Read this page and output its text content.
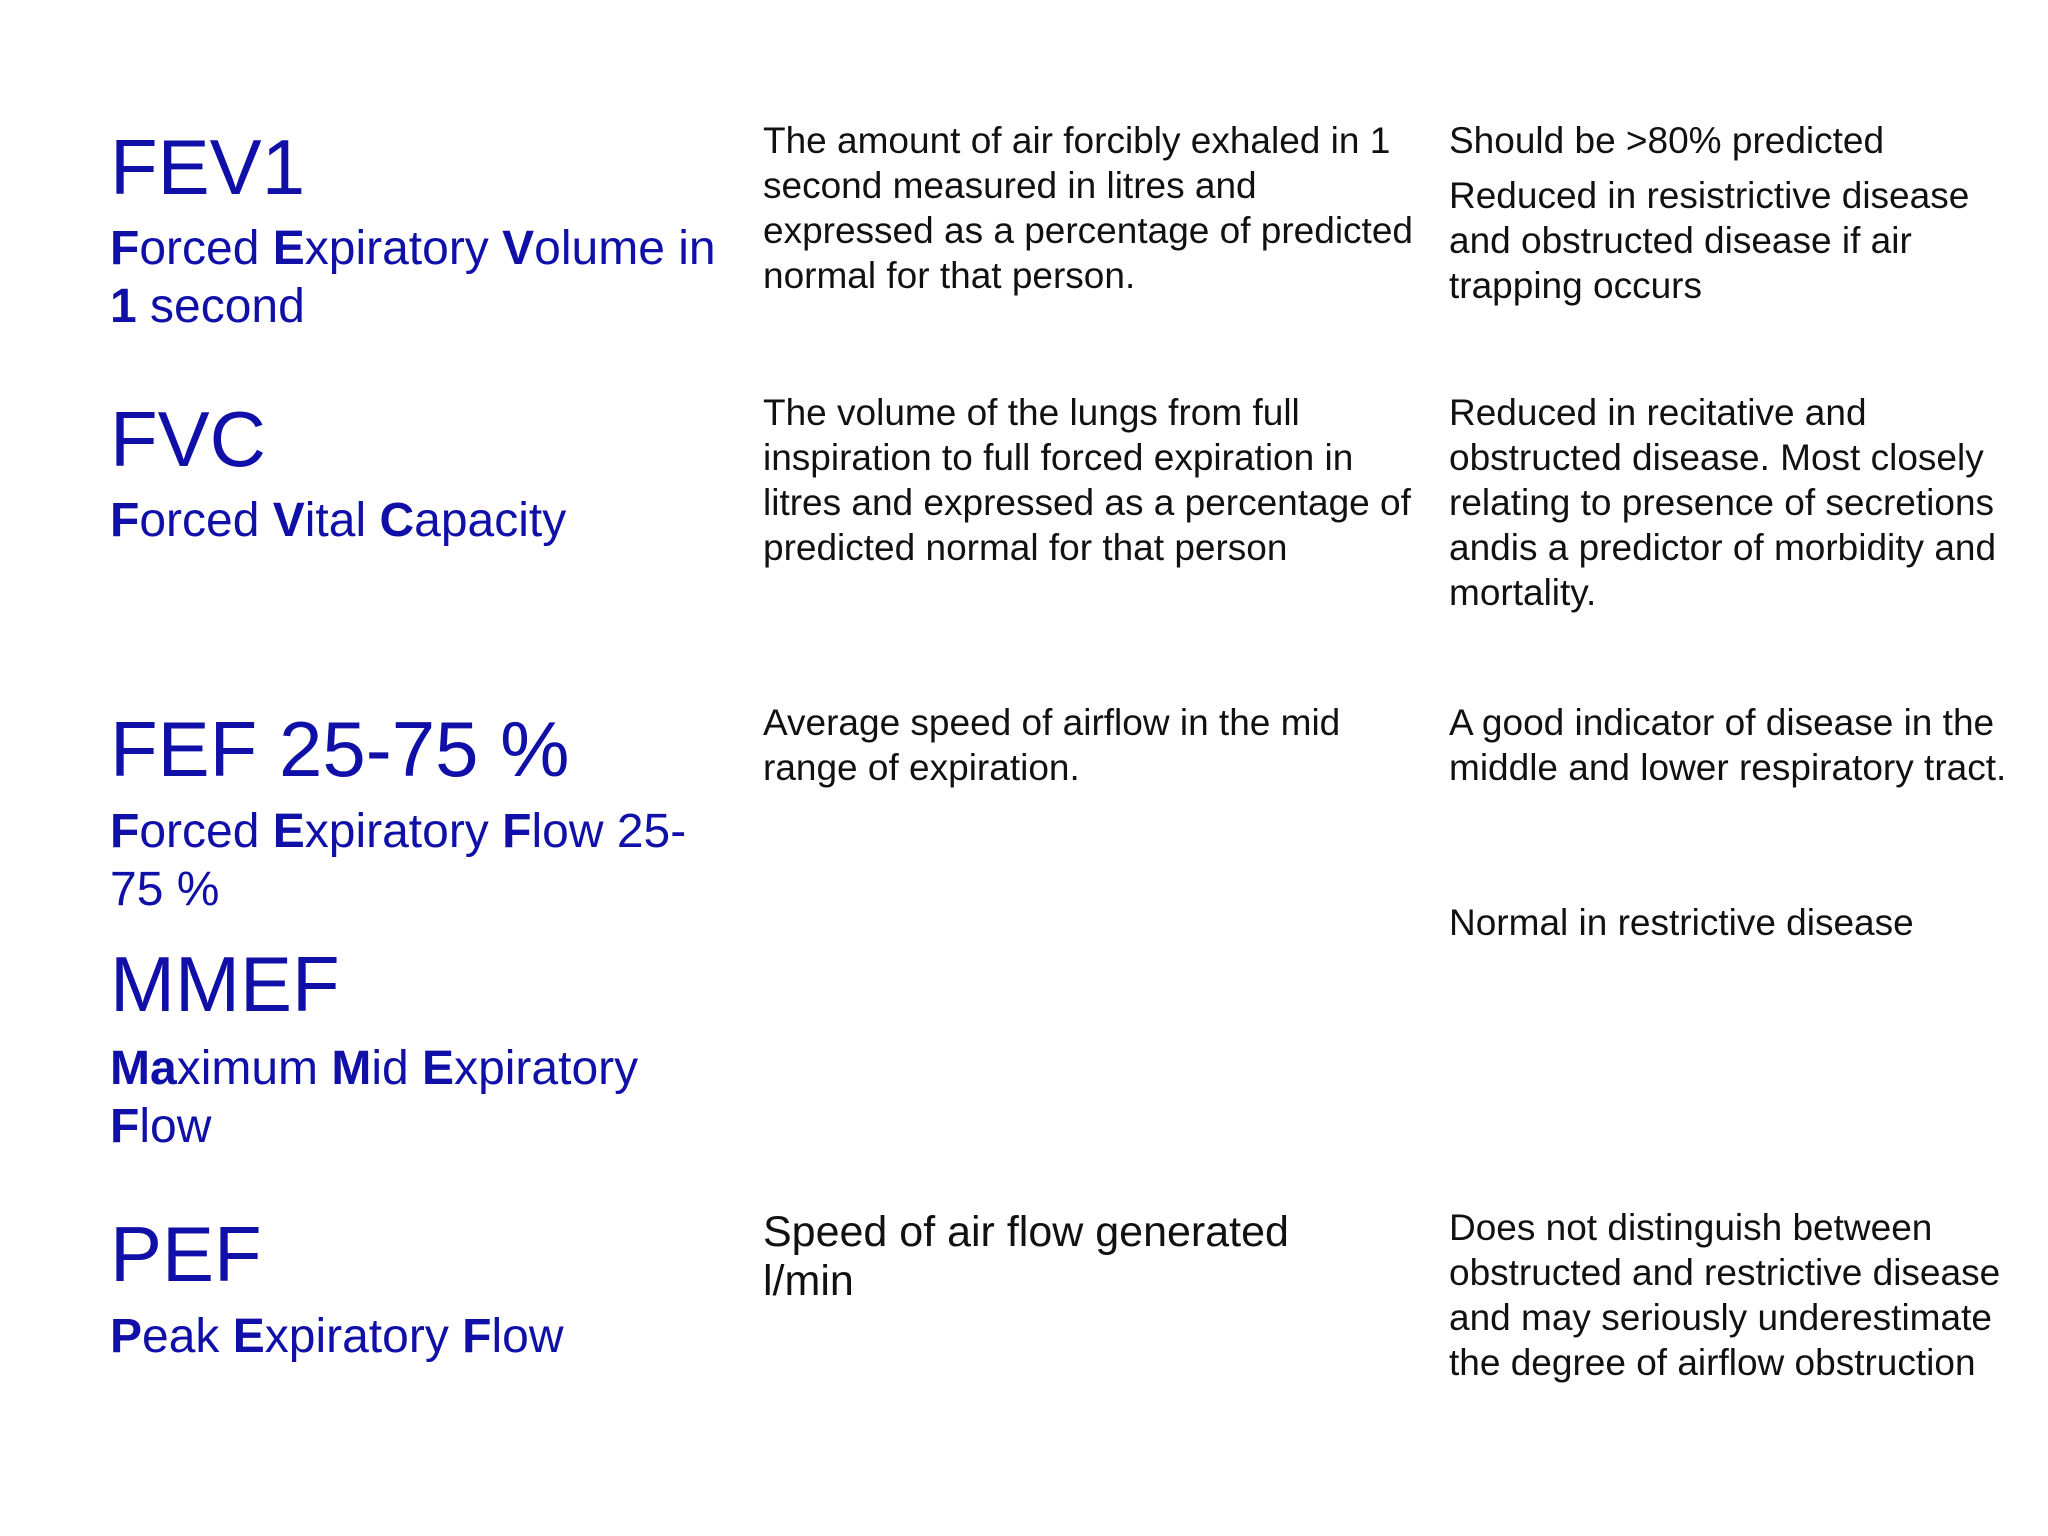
FEV1
Forced Expiratory Volume in 1 second
The amount of air forcibly exhaled in 1 second measured in litres and expressed as a percentage of predicted normal for that person.
Should be >80% predicted
Reduced in resistrictive disease and obstructed disease if air trapping occurs
FVC
Forced Vital Capacity
The volume of the lungs from full inspiration to full forced expiration in litres and expressed as a percentage of predicted normal for that person
Reduced in recitative and obstructed disease. Most closely relating to presence of secretions andis a predictor of morbidity and mortality.
FEF 25-75 %
Forced Expiratory Flow 25-75 %
Average speed of airflow in the mid range of expiration.
A good indicator of disease in the middle and lower respiratory tract.
Normal in restrictive disease
MMEF
Maximum Mid Expiratory Flow
PEF
Peak Expiratory Flow
Speed of air flow generated l/min
Does not distinguish between obstructed and restrictive disease and may seriously underestimate the degree of airflow obstruction
